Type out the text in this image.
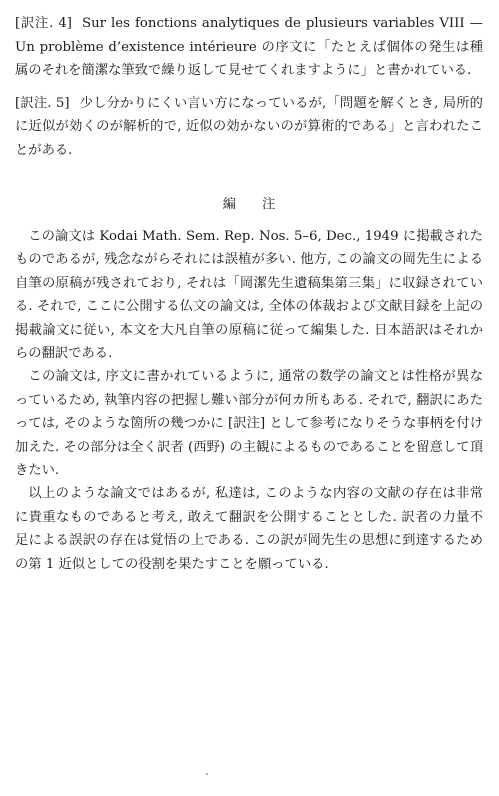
[訳注. 4] Sur les fonctions analytiques de plusieurs variables VIII — Un problème d’existence intérieure の序文に「たとえば個体の発生は種属のそれを簡潔な筆致で繰り返して見せてくれますように」と書かれている.

[訳注. 5] 少し分かりにくい言い方になっているが,「問題を解くとき, 局所的に近似が効くのが解析的で, 近似の効かないのが算術的である」と言われたことがある.

編 注

この論文は Kodai Math. Sem. Rep. Nos. 5–6, Dec., 1949 に掲載されたものであるが, 残念ながらそれには誤植が多い. 他方, この論文の岡先生による自筆の原稿が残されており, それは「岡潔先生遺稿集第三集」に収録されている. それで, ここに公開する仏文の論文は, 全体の体裁および文献目録を上記の掲載論文に従い, 本文を大凡自筆の原稿に従って編集した. 日本語訳はそれからの翻訳である.

この論文は, 序文に書かれているように, 通常の数学の論文とは性格が異なっているため, 執筆内容の把握し難い部分が何カ所もある. それで, 翻訳にあたっては, そのような箇所の幾つかに [訳注] として参考になりそうな事柄を付け加えた. その部分は全く訳者 (西野) の主観によるものであることを留意して頂きたい.

以上のような論文ではあるが, 私達は, このような内容の文献の存在は非常に貴重なものであると考え, 敢えて翻訳を公開することとした. 訳者の力量不足による誤訳の存在は覚悟の上である. この訳が岡先生の思想に到達するための第 1 近似としての役割を果たすことを願っている.
